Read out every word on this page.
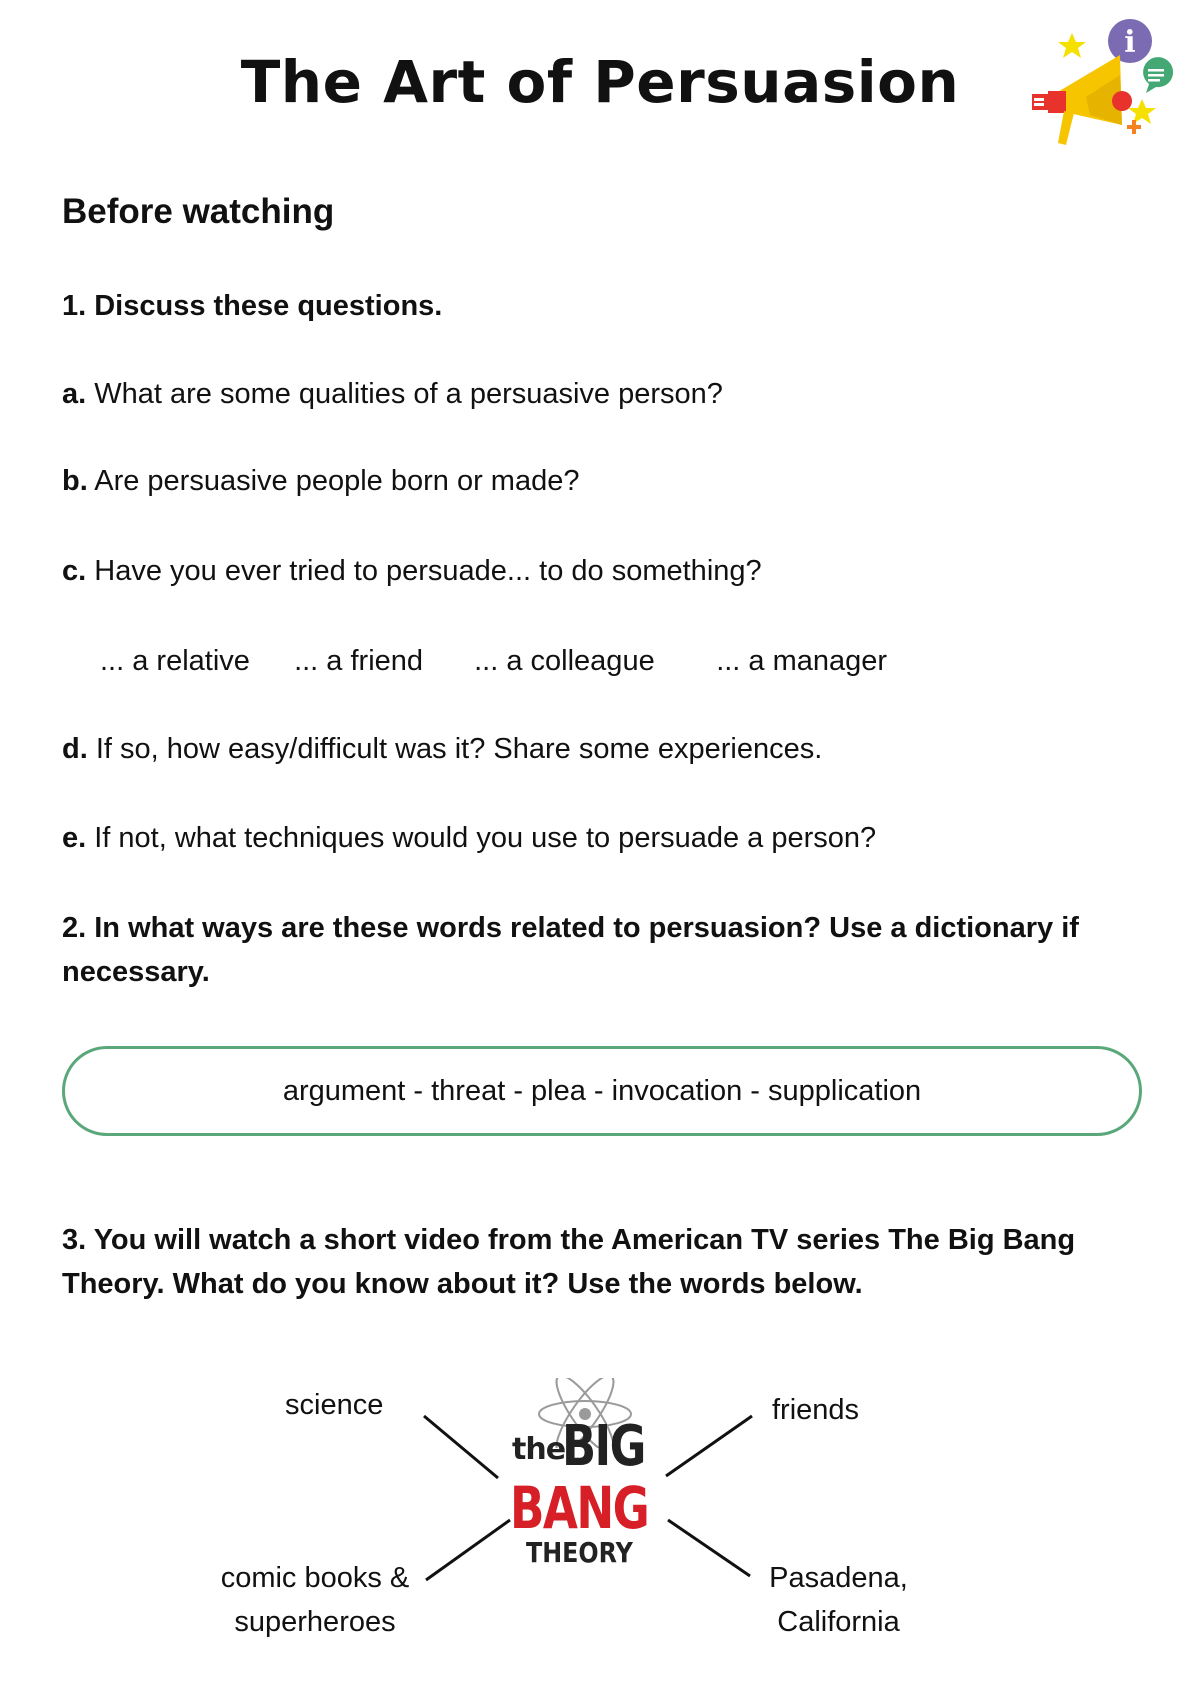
The Art of Persuasion
i
Before watching
1. Discuss these questions.
a. What are some qualities of a persuasive person?
b. Are persuasive people born or made?
c. Have you ever tried to persuade... to do something?
... a relative ... a friend ... a colleague ... a manager
d. If so, how easy/difficult was it? Share some experiences.
e. If not, what techniques would you use to persuade a person?
2. In what ways are these words related to persuasion? Use a dictionary if necessary.
argument - threat - plea - invocation - supplication
3. You will watch a short video from the American TV series The Big Bang Theory. What do you know about it? Use the words below.
the
BIG
BANG
THEORY
science	friends
comic books &
superheroes
Pasadena,
California
